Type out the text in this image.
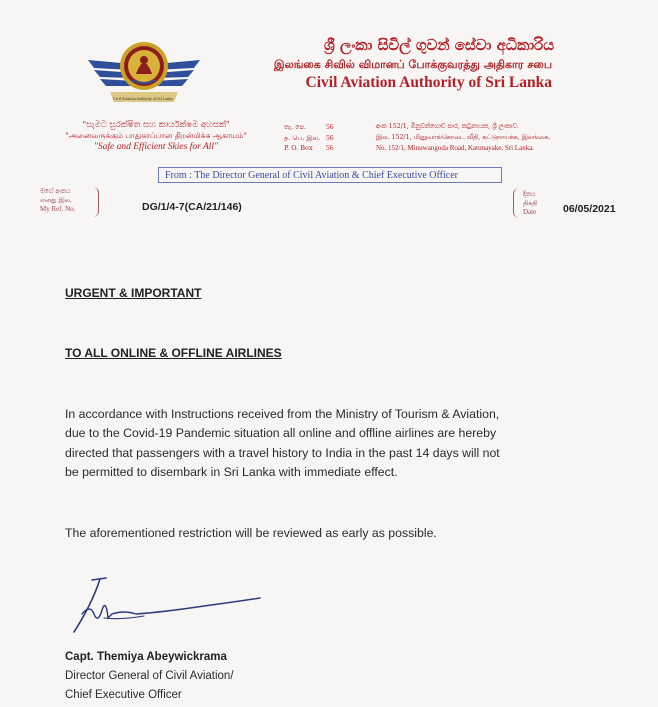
Civil Aviation Authority of Sri Lanka
ශ්‍රී ලංකා සිවිල් ගුවන් සේවා අධිකාරිය
இலங்கை சிவில் விமானப் போக்குவரத்து அதிகார சபை
Civil Aviation Authority of Sri Lanka
"සැමට සුරක්ෂිත සහ කාර්යක්ෂම අහසක්"
"அனைவருக்கும் பாதுகாப்பான திறன்மிக்க ஆகாயம்"
"Safe and Efficient Skies for All"
තැ. පෙ.	56
த. பெ. இல. 56
P. O. Box	56
අංක 152/1, මිනුවන්ගොඩ පාර, කටුනායක, ශ්‍රී ලංකාව.
இல. 152/1, மினுவாங்கொடை வீதி, கட்டுநாயக்க, இலங்கை.
No. 152/1, Minuwangoda Road, Katunayake, Sri Lanka.
From : The Director General of Civil Aviation & Chief Executive Officer
මගේ අංකය
எனது இல.
My Ref. No.	DG/1/4-7(CA/21/146)
දිනය
திகதி
Date	06/05/2021
URGENT & IMPORTANT
TO ALL ONLINE & OFFLINE AIRLINES
In accordance with Instructions received from the Ministry of Tourism & Aviation,
due to the Covid-19 Pandemic situation all online and offline airlines are hereby
directed that passengers with a travel history to India in the past 14 days will not
be permitted to disembark in Sri Lanka with immediate effect.
The aforementioned restriction will be reviewed as early as possible.
Capt. Themiya Abeywickrama
Director General of Civil Aviation/
Chief Executive Officer
